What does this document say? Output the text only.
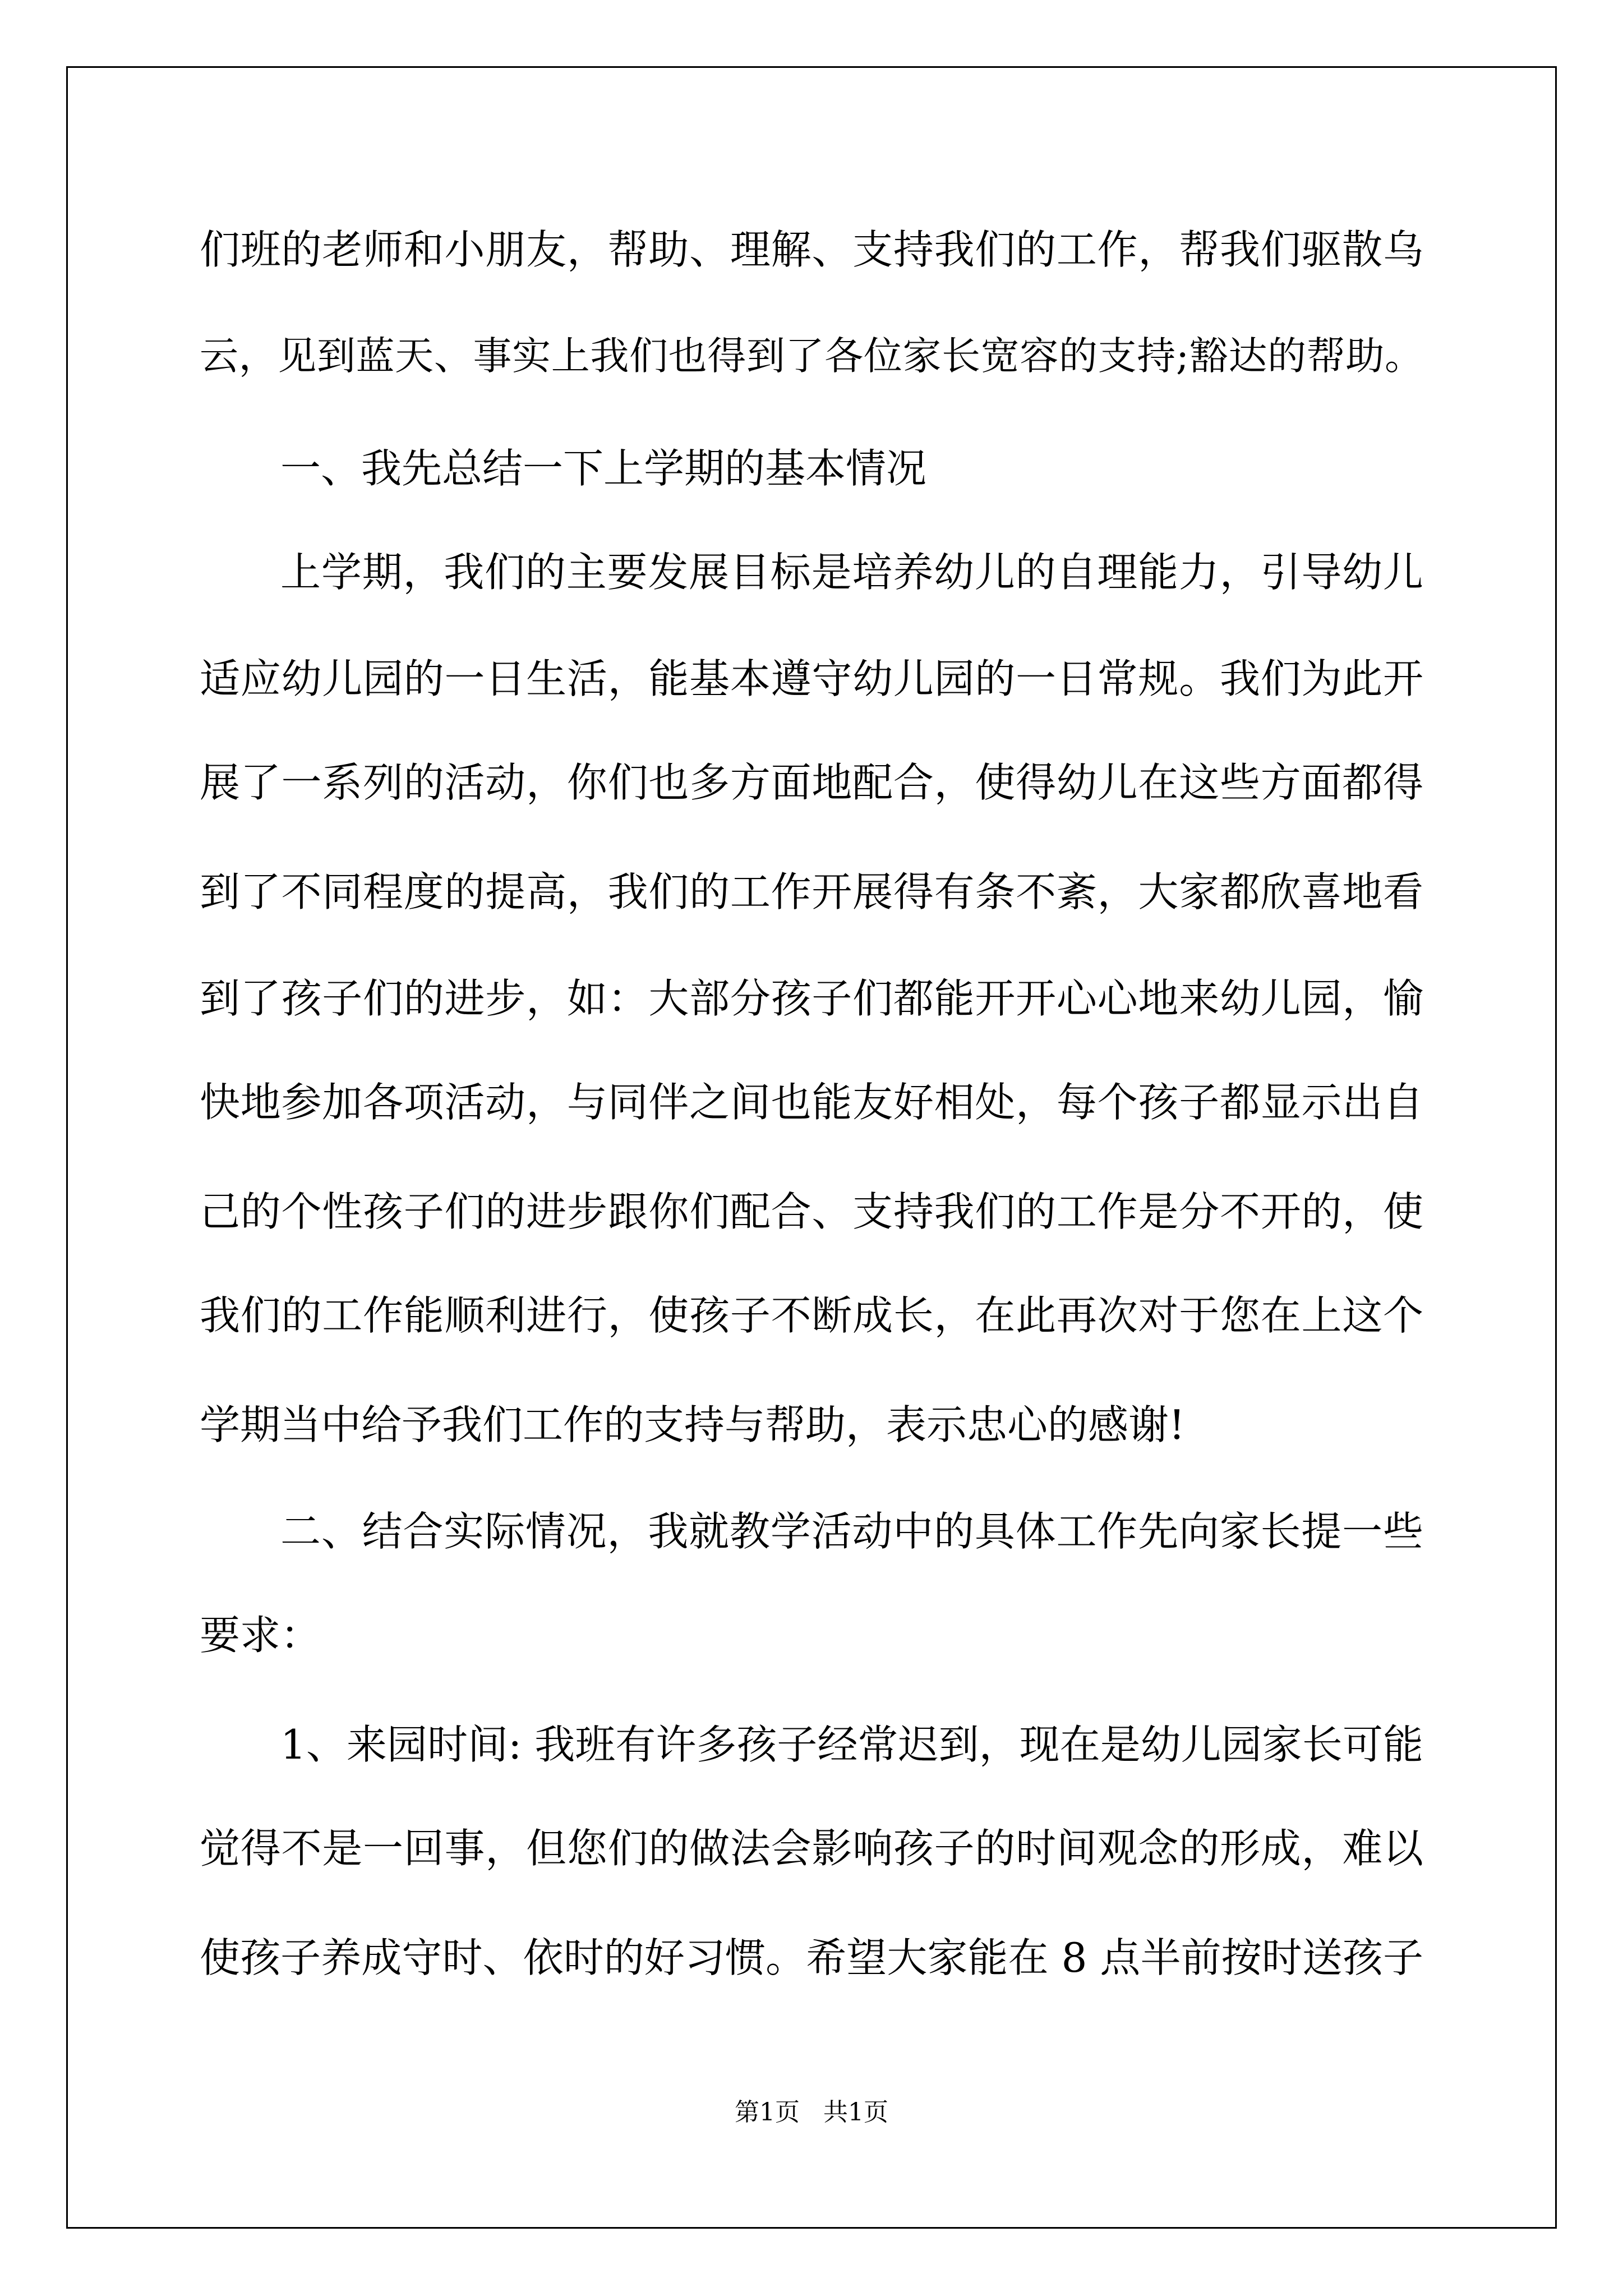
们班的老师和小朋友，帮助、理解、支持我们的工作，帮我们驱散乌
云，见到蓝天、事实上我们也得到了各位家长宽容的支持;豁达的帮助。
一、我先总结一下上学期的基本情况
上学期，我们的主要发展目标是培养幼儿的自理能力，引导幼儿
适应幼儿园的一日生活，能基本遵守幼儿园的一日常规。我们为此开
展了一系列的活动，你们也多方面地配合，使得幼儿在这些方面都得
到了不同程度的提高，我们的工作开展得有条不紊，大家都欣喜地看
到了孩子们的进步，如：大部分孩子们都能开开心心地来幼儿园，愉
快地参加各项活动，与同伴之间也能友好相处，每个孩子都显示出自
己的个性孩子们的进步跟你们配合、支持我们的工作是分不开的，使
我们的工作能顺利进行，使孩子不断成长，在此再次对于您在上这个
学期当中给予我们工作的支持与帮助，表示忠心的感谢!
二、结合实际情况，我就教学活动中的具体工作先向家长提一些
要求：
1、来园时间: 我班有许多孩子经常迟到，现在是幼儿园家长可能
觉得不是一回事，但您们的做法会影响孩子的时间观念的形成，难以
使孩子养成守时、依时的好习惯。希望大家能在 8 点半前按时送孩子
第1页   共1页
